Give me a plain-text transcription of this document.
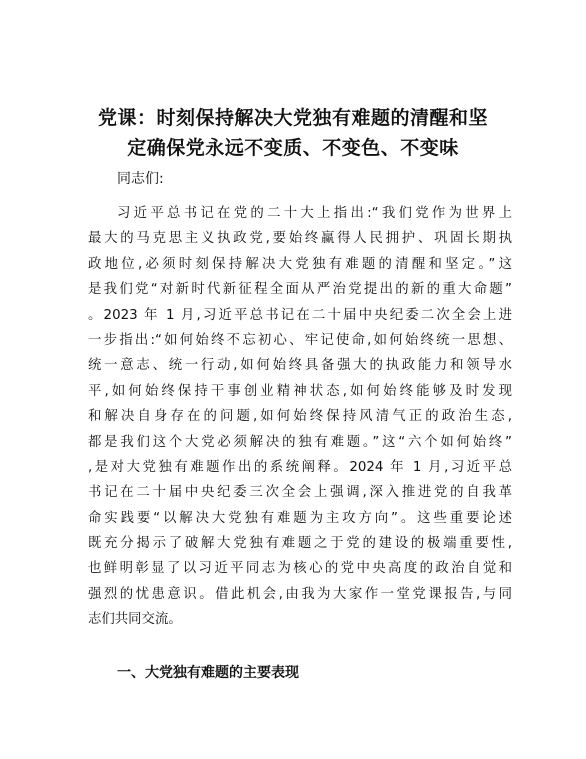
党课：时刻保持解决大党独有难题的清醒和坚
定确保党永远不变质、不变色、不变味

同志们:

习近平总书记在党的二十大上指出:“我们党作为世界上
最大的马克思主义执政党,要始终赢得人民拥护、巩固长期执
政地位,必须时刻保持解决大党独有难题的清醒和坚定。”这
是我们党“对新时代新征程全面从严治党提出的新的重大命题”
。2023 年 1 月,习近平总书记在二十届中央纪委二次全会上进
一步指出:“如何始终不忘初心、牢记使命,如何始终统一思想、
统一意志、统一行动,如何始终具备强大的执政能力和领导水
平,如何始终保持干事创业精神状态,如何始终能够及时发现
和解决自身存在的问题,如何始终保持风清气正的政治生态,
都是我们这个大党必须解决的独有难题。”这“六个如何始终”
,是对大党独有难题作出的系统阐释。2024 年 1 月,习近平总
书记在二十届中央纪委三次全会上强调,深入推进党的自我革
命实践要“以解决大党独有难题为主攻方向”。这些重要论述
既充分揭示了破解大党独有难题之于党的建设的极端重要性,
也鲜明彰显了以习近平同志为核心的党中央高度的政治自觉和
强烈的忧患意识。借此机会,由我为大家作一堂党课报告,与同
志们共同交流。
一、大党独有难题的主要表现
